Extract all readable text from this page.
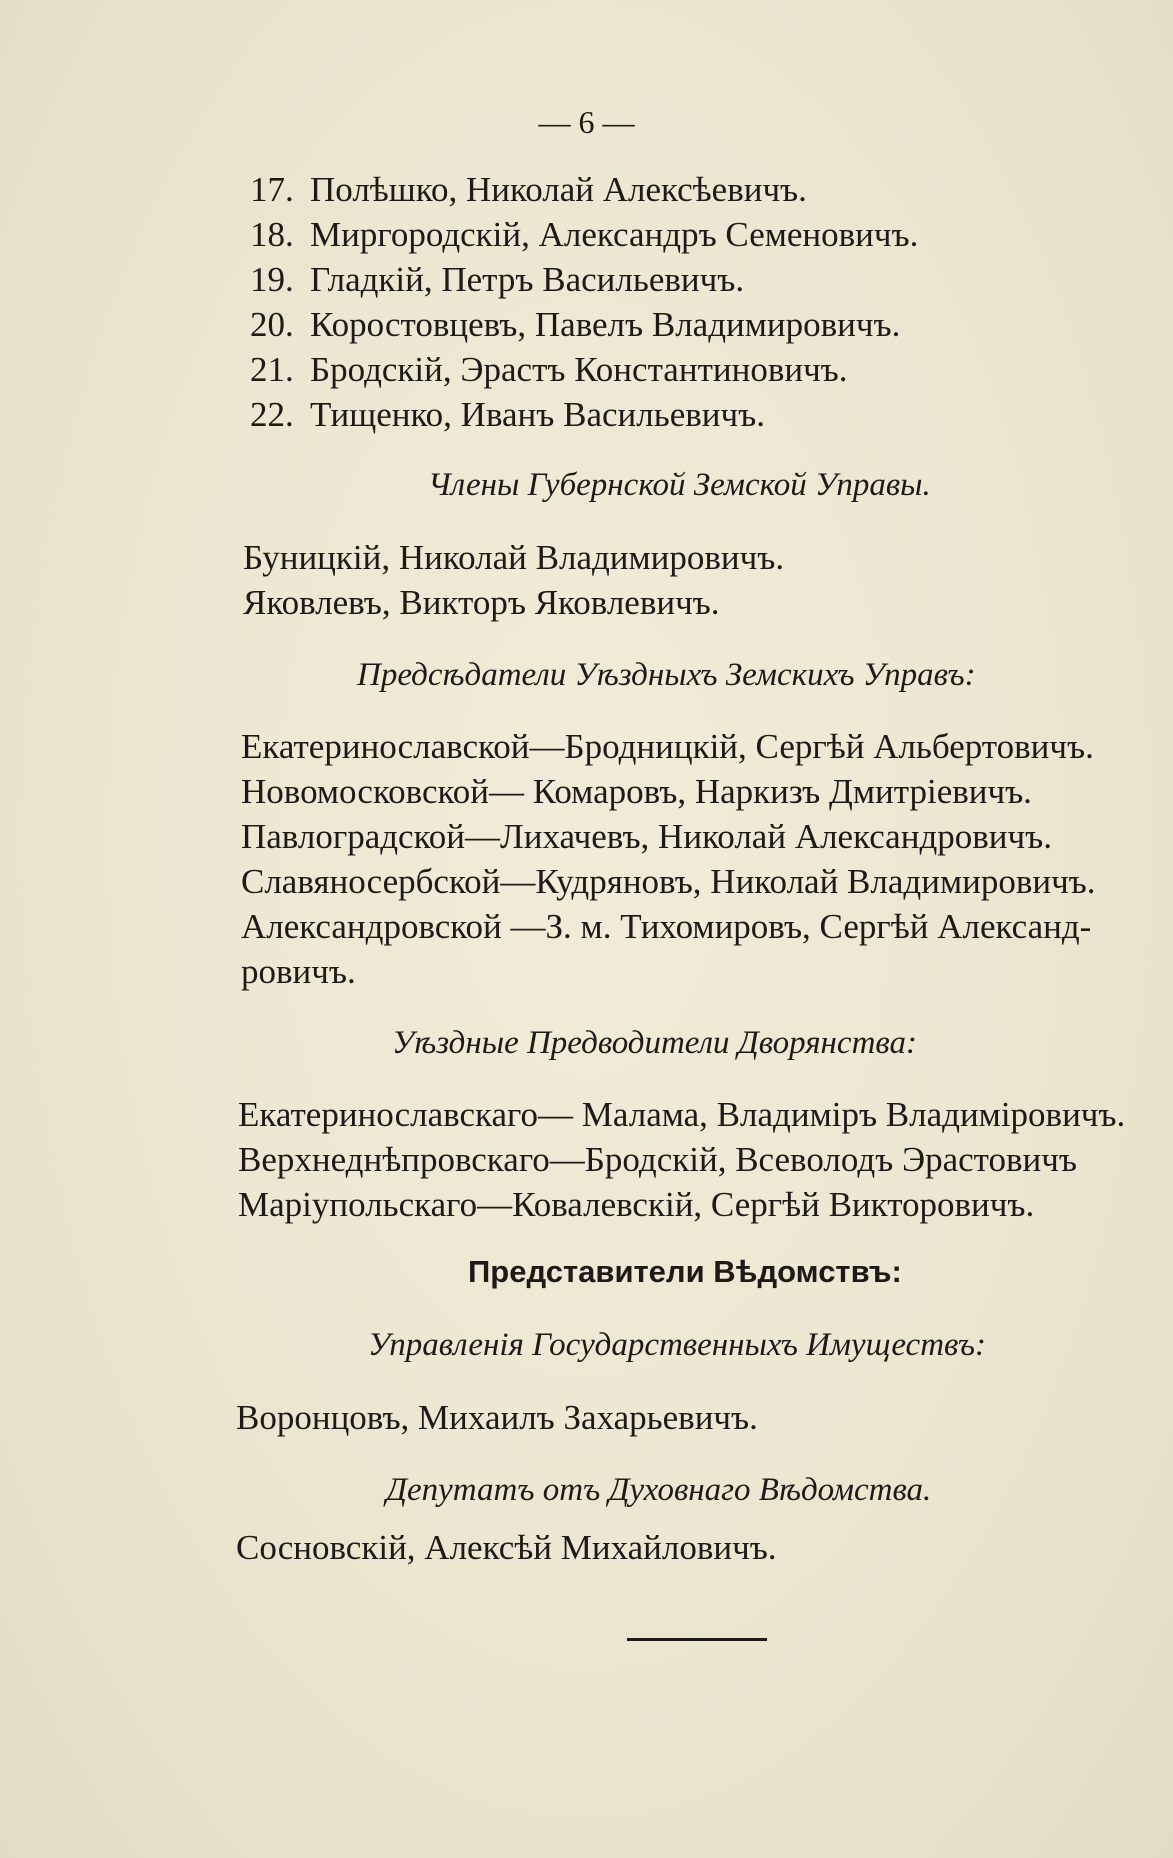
— 6 —
17. Полѣшко, Николай Алексѣевичъ.
18. Миргородскій, Александръ Семеновичъ.
19. Гладкій, Петръ Васильевичъ.
20. Коростовцевъ, Павелъ Владимировичъ.
21. Бродскій, Эрастъ Константиновичъ.
22. Тищенко, Иванъ Васильевичъ.
Члены Губернской Земской Управы.
Буницкій, Николай Владимировичъ.
Яковлевъ, Викторъ Яковлевичъ.
Предсѣдатели Уѣздныхъ Земскихъ Управъ:
Екатеринославской—Бродницкій, Сергѣй Альбертовичъ.
Новомосковской— Комаровъ, Наркизъ Дмитріевичъ.
Павлоградской—Лихачевъ, Николай Александровичъ.
Славяносербской—Кудряновъ, Николай Владимировичъ.
Александровской —З. м. Тихомировъ, Сергѣй Александ-
ровичъ.
Уѣздные Предводители Дворянства:
Екатеринославскаго— Малама, Владиміръ Владиміровичъ.
Верхнеднѣпровскаго—Бродскій, Всеволодъ Эрастовичъ
Маріупольскаго—Ковалевскій, Сергѣй Викторовичъ.
Представители Вѣдомствъ:
Управленія Государственныхъ Имуществъ:
Воронцовъ, Михаилъ Захарьевичъ.
Депутатъ отъ Духовнаго Вѣдомства.
Сосновскій, Алексѣй Михайловичъ.
